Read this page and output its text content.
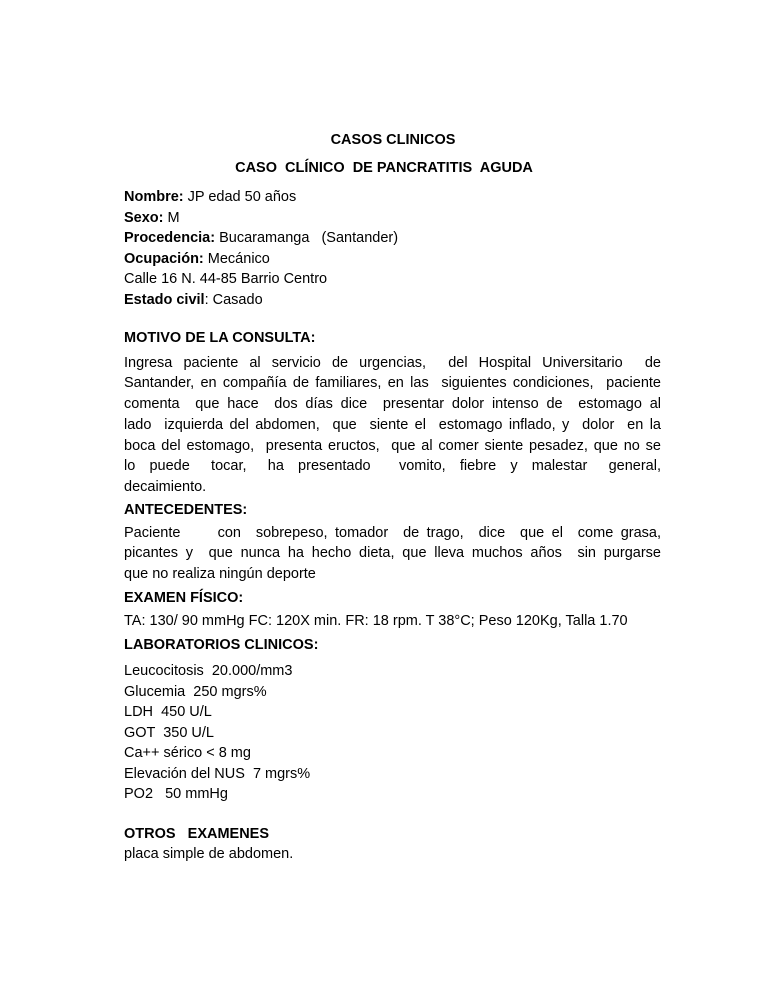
CASOS CLINICOS
CASO  CLÍNICO  DE PANCRATITIS  AGUDA
Nombre: JP edad 50 años
Sexo: M
Procedencia: Bucaramanga   (Santander)
Ocupación: Mecánico
Calle 16 N. 44-85 Barrio Centro
Estado civil: Casado
MOTIVO DE LA CONSULTA:
Ingresa paciente al servicio de urgencias,  del Hospital Universitario  de
Santander, en compañía de familiares, en las  siguientes condiciones,  paciente
comenta  que hace  dos días dice  presentar dolor intenso de  estomago al
lado  izquierda del abdomen,  que  siente el  estomago inflado, y  dolor  en la
boca del estomago,  presenta eructos,  que al comer siente pesadez, que no se
lo  puede   tocar,   ha  presentado    vomito,  fiebre  y  malestar   general,
decaimiento.
ANTECEDENTES:
Paciente     con  sobrepeso, tomador  de trago,  dice  que el  come grasa,
picantes y  que nunca ha hecho dieta, que lleva muchos años  sin purgarse
que no realiza ningún deporte
EXAMEN FÍSICO:
TA: 130/ 90 mmHg FC: 120X min. FR: 18 rpm. T 38°C; Peso 120Kg, Talla 1.70
LABORATORIOS CLINICOS:
Leucocitosis  20.000/mm3
Glucemia  250 mgrs%
LDH  450 U/L
GOT  350 U/L
Ca++ sérico < 8 mg
Elevación del NUS  7 mgrs%
PO2   50 mmHg
OTROS   EXAMENES
placa simple de abdomen.
